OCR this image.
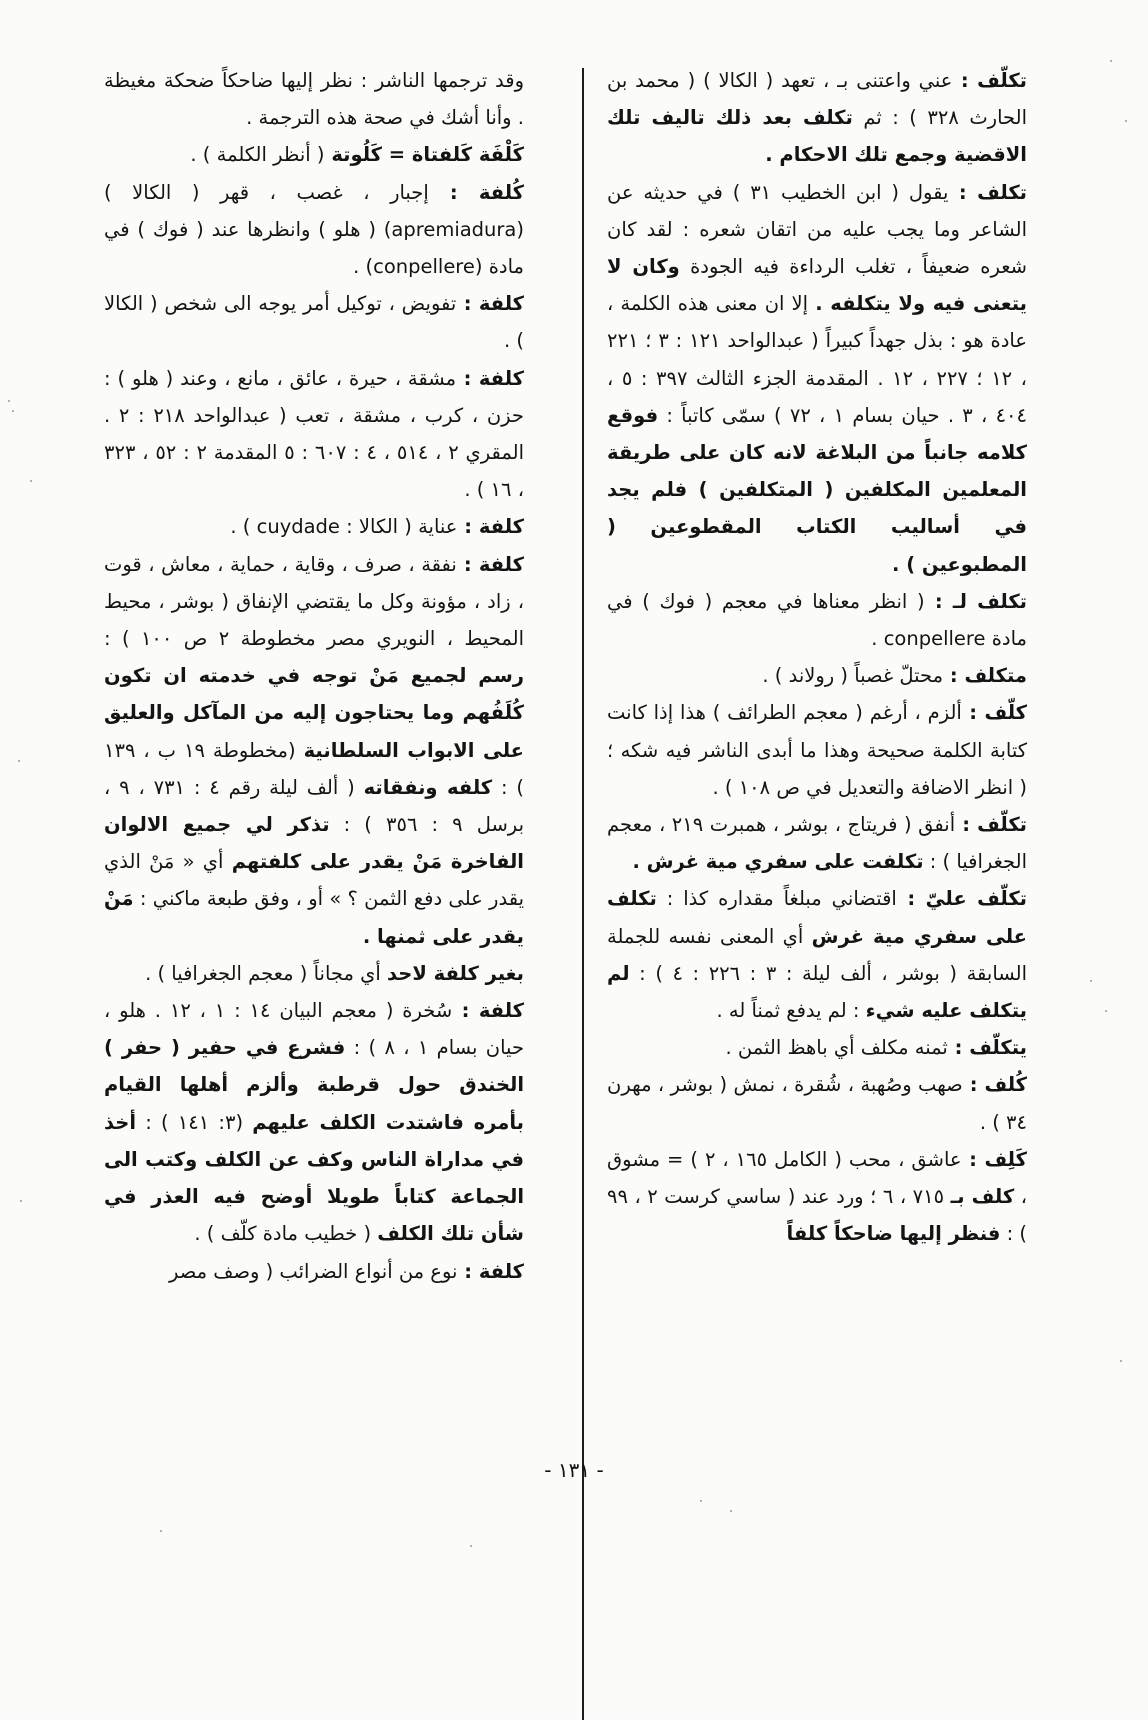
تكلّف : عني واعتنى بـ ، تعهد ( الكالا ) ( محمد بن الحارث ٣٢٨ ) : ثم تكلف بعد ذلك تاليف تلك الاقضية وجمع تلك الاحكام .

تكلف : يقول ( ابن الخطيب ٣١ ) في حديثه عن الشاعر وما يجب عليه من اتقان شعره : لقد كان شعره ضعيفاً ، تغلب الرداءة فيه الجودة وكان لا يتعنى فيه ولا يتكلفه . إلا ان معنى هذه الكلمة ، عادة هو : بذل جهداً كبيراً ( عبدالواحد ١٢١ : ٣ ؛ ٢٢١ ، ١٢ ؛ ٢٢٧ ، ١٢ . المقدمة الجزء الثالث ٣٩٧ : ٥ ، ٤٠٤ ، ٣ . حيان بسام ١ ، ٧٢ ) سمّى كاتباً : فوقع كلامه جانباً من البلاغة لانه كان على طريقة المعلمين المكلفين ( المتكلفين ) فلم يجد في أساليب الكتاب المقطوعين ( المطبوعين ) .

تكلف لـ : ( انظر معناها في معجم ( فوك ) في مادة conpellere .

متكلف : محتلّ غصباً ( رولاند ) .

كلّف : ألزم ، أرغم ( معجم الطرائف ) هذا إذا كانت كتابة الكلمة صحيحة وهذا ما أبدى الناشر فيه شكه ؛ ( انظر الاضافة والتعديل في ص ١٠٨ ) .

تكلّف : أنفق ( فريتاج ، بوشر ، همبرت ٢١٩ ، معجم الجغرافيا ) : تكلفت على سفري مية غرش .

تكلّف عليّ : اقتضاني مبلغاً مقداره كذا : تكلف على سفري مية غرش أي المعنى نفسه للجملة السابقة ( بوشر ، ألف ليلة : ٣ : ٢٢٦ : ٤ ) : لم يتكلف عليه شيء : لم يدفع ثمناً له .

يتكلّف : ثمنه مكلف أي باهظ الثمن .

كُلف : صهب وصُهبة ، شُقرة ، نمش ( بوشر ، مهرن ٣٤ ) .

كَلِف : عاشق ، محب ( الكامل ١٦٥ ، ٢ ) = مشوق ، كلف بـ ٧١٥ ، ٦ ؛ ورد عند ( ساسي كرست ٢ ، ٩٩ ) : فنظر إليها ضاحكاً كلفاً

وقد ترجمها الناشر : نظر إليها ضاحكاً ضحكة مغيظة . وأنا أشك في صحة هذه الترجمة .

كَلْفَة كَلفتاة = كَلُوتة ( أنظر الكلمة ) .

كُلفة : إجبار ، غصب ، قهر ( الكالا ) (apremiadura) ( هلو ) وانظرها عند ( فوك ) في مادة (conpellere) .

كلفة : تفويض ، توكيل أمر يوجه الى شخص ( الكالا ) .

كلفة : مشقة ، حيرة ، عائق ، مانع ، وعند ( هلو ) : حزن ، كرب ، مشقة ، تعب ( عبدالواحد ٢١٨ : ٢ . المقري ٢ ، ٥١٤ ، ٤ : ٦٠٧ : ٥ المقدمة ٢ : ٥٢ ، ٣٢٣ ، ١٦ ) .

كلفة : عناية ( الكالا : cuydade ) .

كلفة : نفقة ، صرف ، وقاية ، حماية ، معاش ، قوت ، زاد ، مؤونة وكل ما يقتضي الإنفاق ( بوشر ، محيط المحيط ، النويري مصر مخطوطة ٢ ص ١٠٠ ) : رسم لجميع مَنْ توجه في خدمته ان تكون كُلَفُهم وما يحتاجون إليه من المآكل والعليق على الابواب السلطانية (مخطوطة ١٩ ب ، ١٣٩ ) : كلفه ونفقاته ( ألف ليلة رقم ٤ : ٧٣١ ، ٩ ، برسل ٩ : ٣٥٦ ) : تذكر لي جميع الالوان الفاخرة مَنْ يقدر على كلفتهم أي « مَنْ الذي يقدر على دفع الثمن ؟ » أو ، وفق طبعة ماكني : مَنْ يقدر على ثمنها .

بغير كلفة لاحد أي مجاناً ( معجم الجغرافيا ) .

كلفة : سُخرة ( معجم البيان ١٤ : ١ ، ١٢ . هلو ، حيان بسام ١ ، ٨ ) : فشرع في حفير ( حفر ) الخندق حول قرطبة وألزم أهلها القيام بأمره فاشتدت الكلف عليهم (٣: ١٤١ ) : أخذ في مداراة الناس وكف عن الكلف وكتب الى الجماعة كتاباً طويلا أوضح فيه العذر في شأن تلك الكلف ( خطيب مادة كلّف ) .

كلفة : نوع من أنواع الضرائب ( وصف مصر

- ١٣١ -
